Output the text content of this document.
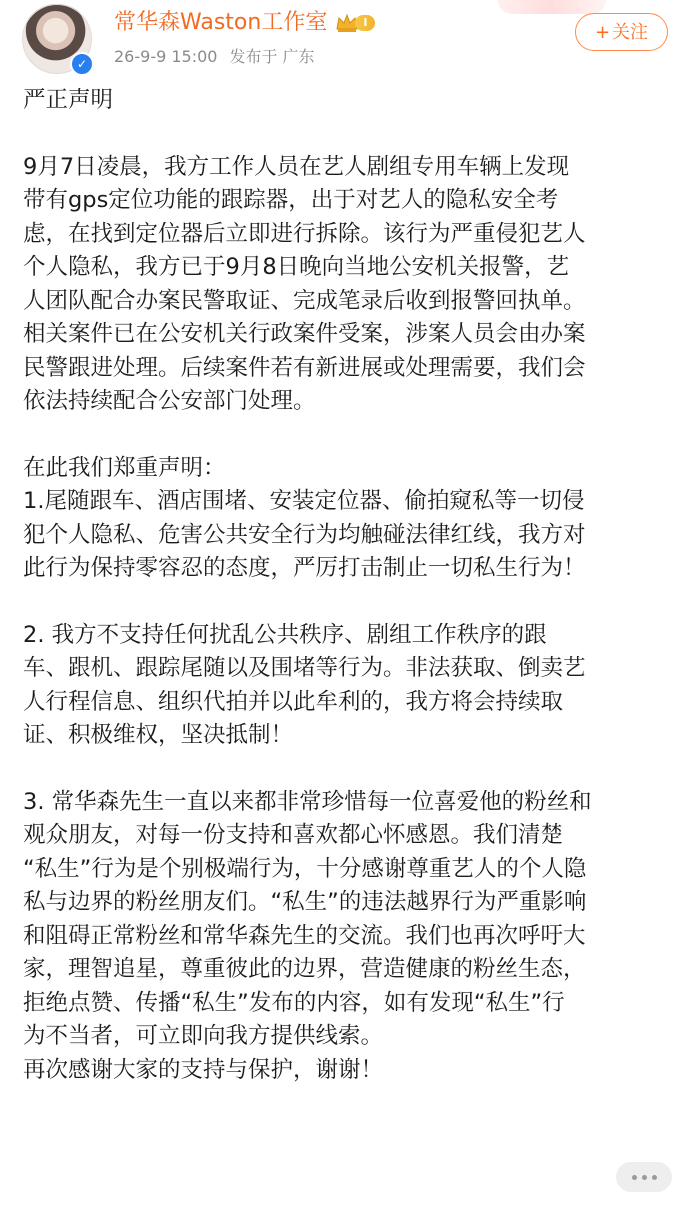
✓
常华森Waston工作室	I
26-9-9 15:00 发布于 广东
+ 关注

严正声明

9月7日凌晨，我方工作人员在艺人剧组专用车辆上发现
带有gps定位功能的跟踪器，出于对艺人的隐私安全考
虑，在找到定位器后立即进行拆除。该行为严重侵犯艺人
个人隐私，我方已于9月8日晚向当地公安机关报警，艺
人团队配合办案民警取证、完成笔录后收到报警回执单。
相关案件已在公安机关行政案件受案，涉案人员会由办案
民警跟进处理。后续案件若有新进展或处理需要，我们会
依法持续配合公安部门处理。

在此我们郑重声明：
1.尾随跟车、酒店围堵、安装定位器、偷拍窥私等一切侵
犯个人隐私、危害公共安全行为均触碰法律红线，我方对
此行为保持零容忍的态度，严厉打击制止一切私生行为！

2. 我方不支持任何扰乱公共秩序、剧组工作秩序的跟
车、跟机、跟踪尾随以及围堵等行为。非法获取、倒卖艺
人行程信息、组织代拍并以此牟利的，我方将会持续取
证、积极维权，坚决抵制！

3. 常华森先生一直以来都非常珍惜每一位喜爱他的粉丝和
观众朋友，对每一份支持和喜欢都心怀感恩。我们清楚
“私生”行为是个别极端行为，十分感谢尊重艺人的个人隐
私与边界的粉丝朋友们。“私生”的违法越界行为严重影响
和阻碍正常粉丝和常华森先生的交流。我们也再次呼吁大
家，理智追星，尊重彼此的边界，营造健康的粉丝生态，
拒绝点赞、传播“私生”发布的内容，如有发现“私生”行
为不当者，可立即向我方提供线索。
再次感谢大家的支持与保护，谢谢！
